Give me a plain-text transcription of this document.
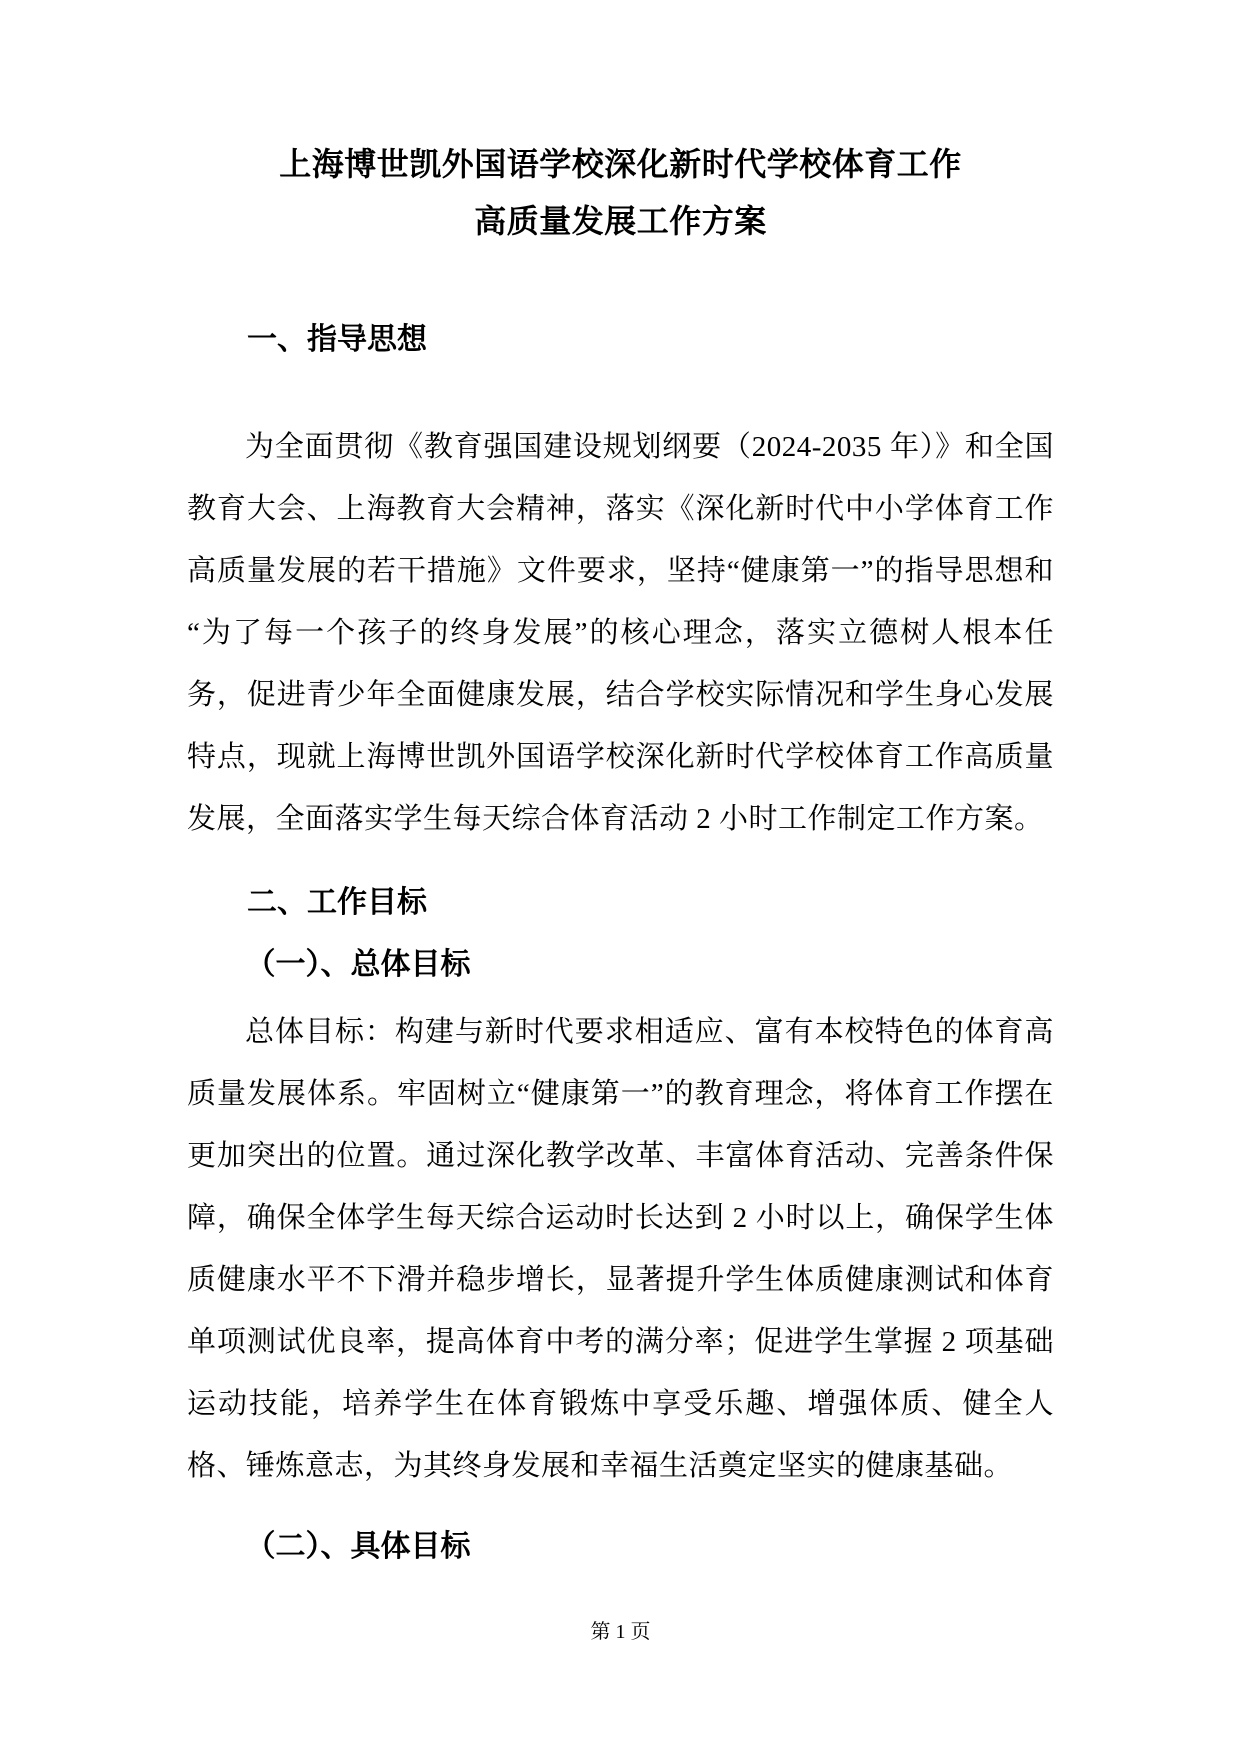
上海博世凯外国语学校深化新时代学校体育工作
高质量发展工作方案
一、指导思想

为全面贯彻《教育强国建设规划纲要（2024-2035 年）》和全国教育大会、上海教育大会精神，落实《深化新时代中小学体育工作高质量发展的若干措施》文件要求，坚持“健康第一”的指导思想和“为了每一个孩子的终身发展”的核心理念，落实立德树人根本任务，促进青少年全面健康发展，结合学校实际情况和学生身心发展特点，现就上海博世凯外国语学校深化新时代学校体育工作高质量发展，全面落实学生每天综合体育活动 2 小时工作制定工作方案。

二、工作目标
（一）、总体目标

总体目标：构建与新时代要求相适应、富有本校特色的体育高质量发展体系。牢固树立“健康第一”的教育理念，将体育工作摆在更加突出的位置。通过深化教学改革、丰富体育活动、完善条件保障，确保全体学生每天综合运动时长达到 2 小时以上，确保学生体质健康水平不下滑并稳步增长，显著提升学生体质健康测试和体育单项测试优良率，提高体育中考的满分率；促进学生掌握 2 项基础运动技能，培养学生在体育锻炼中享受乐趣、增强体质、健全人格、锤炼意志，为其终身发展和幸福生活奠定坚实的健康基础。

（二）、具体目标
第 1 页
